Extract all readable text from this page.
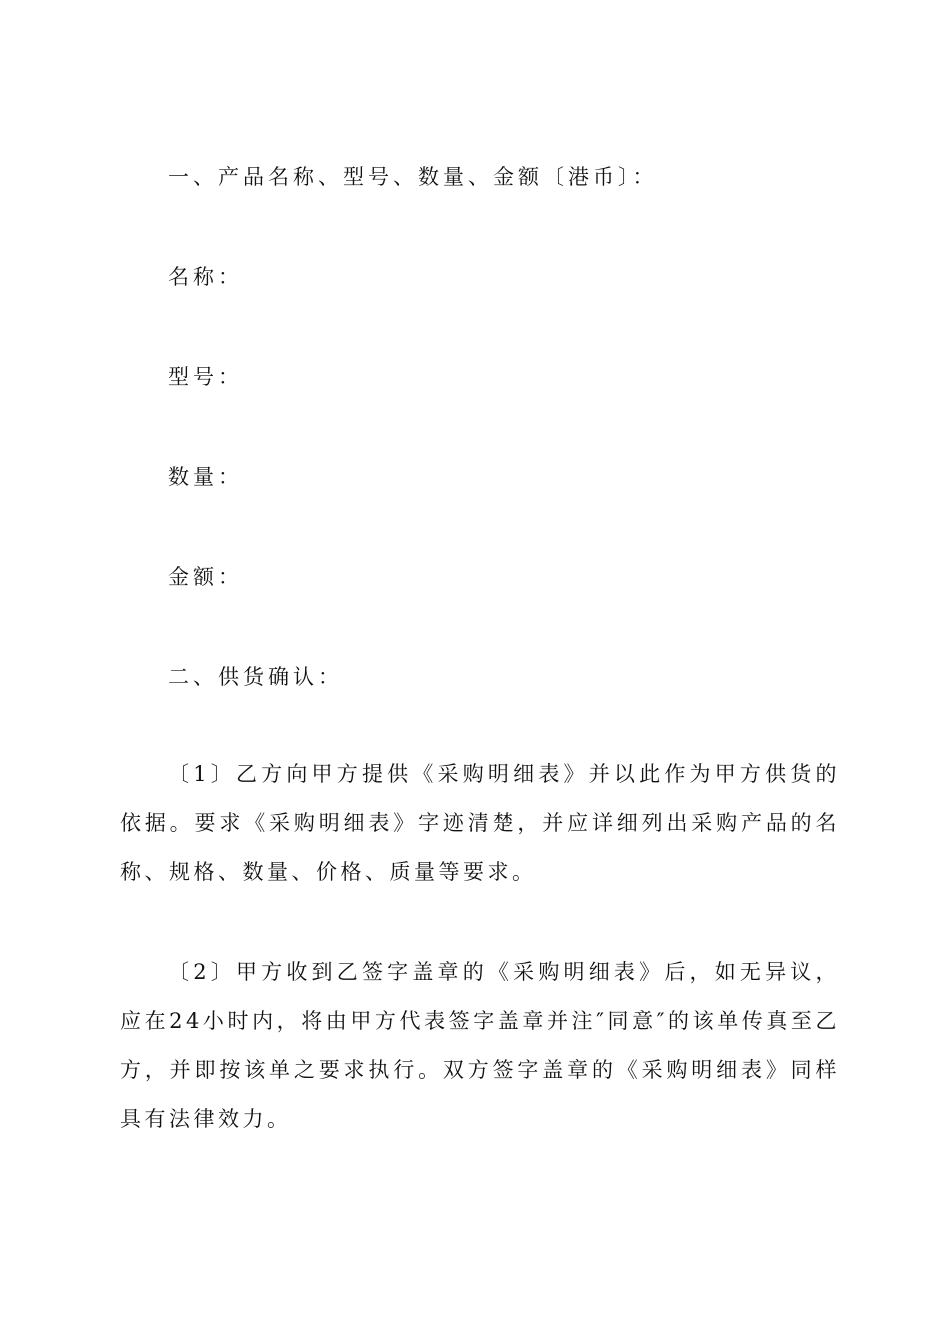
一、产品名称、型号、数量、金额〔港币〕：
名称：
型号：
数量：
金额：
二、供货确认：
〔1〕乙方向甲方提供《采购明细表》并以此作为甲方供货的依据。要求《采购明细表》字迹清楚，并应详细列出采购产品的名称、规格、数量、价格、质量等要求。
〔2〕甲方收到乙签字盖章的《采购明细表》后，如无异议，应在24小时内，将由甲方代表签字盖章并注″同意″的该单传真至乙方，并即按该单之要求执行。双方签字盖章的《采购明细表》同样具有法律效力。
